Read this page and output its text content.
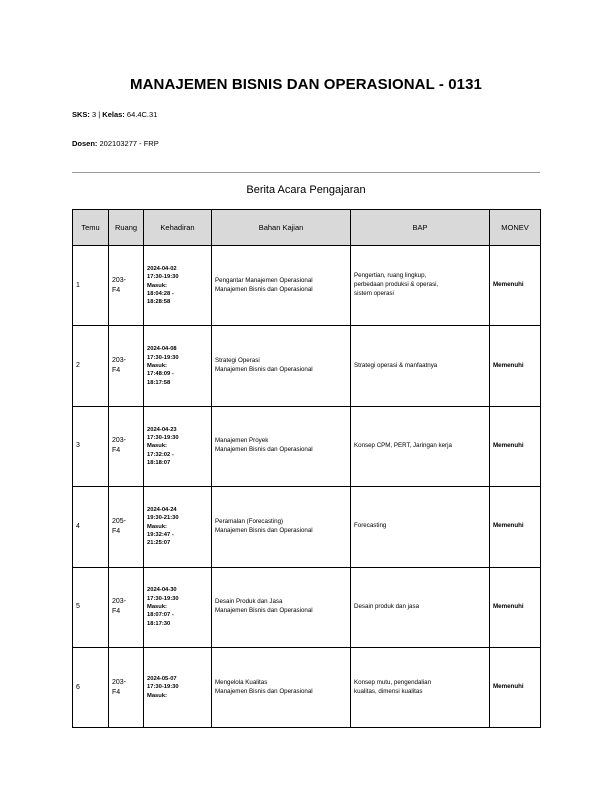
MANAJEMEN BISNIS DAN OPERASIONAL - 0131
SKS: 3 | Kelas: 64.4C.31
Dosen: 202103277 - FRP
Berita Acara Pengajaran
Temu	Ruang	Kehadiran	Bahan Kajian	BAP	MONEV
1	203-
F4	2024-04-02
17:30-19:30
Masuk:
18:04:28 -
18:28:58	Pengantar Manajemen Operasional
Manajemen Bisnis dan Operasional	Pengertian, ruang lingkup,
perbedaan produksi & operasi,
sistem operasi	Memenuhi
2	203-
F4	2024-04-08
17:30-19:30
Masuk:
17:48:09 -
18:17:58	Strategi Operasi
Manajemen Bisnis dan Operasional	Strategi operasi & manfaatnya	Memenuhi
3	203-
F4	2024-04-23
17:30-19:30
Masuk:
17:32:02 -
18:18:07	Manajemen Proyek
Manajemen Bisnis dan Operasional	Konsep CPM, PERT, Jaringan kerja	Memenuhi
4	205-
F4	2024-04-24
19:30-21:30
Masuk:
19:32:47 -
21:25:07	Peramalan (Forecasting)
Manajemen Bisnis dan Operasional	Forecasting	Memenuhi
5	203-
F4	2024-04-30
17:30-19:30
Masuk:
18:07:07 -
18:17:30	Desain Produk dan Jasa
Manajemen Bisnis dan Operasional	Desain produk dan jasa	Memenuhi
6	203-
F4	2024-05-07
17:30-19:30
Masuk:	Mengelola Kualitas
Manajemen Bisnis dan Operasional	Konsep mutu, pengendalian
kualitas, dimensi kualitas	Memenuhi
